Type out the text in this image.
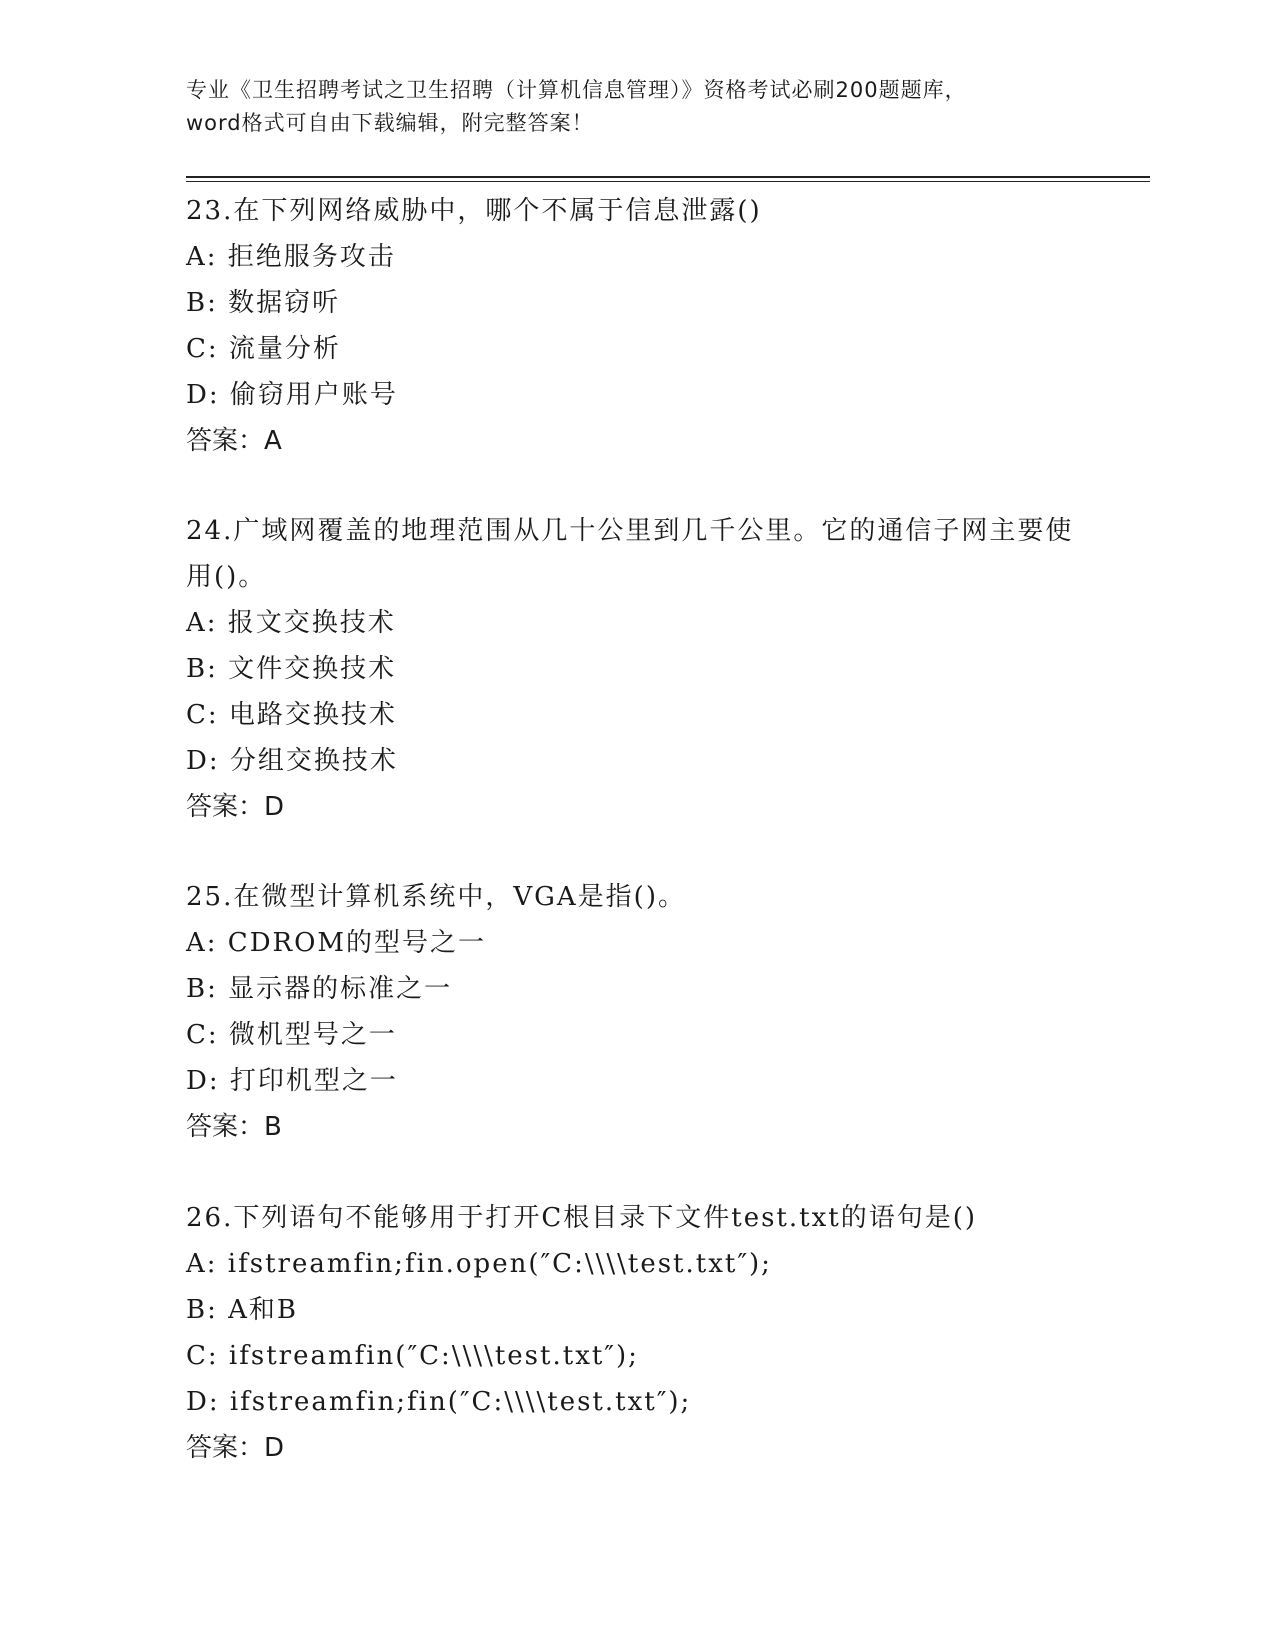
专业《卫生招聘考试之卫生招聘（计算机信息管理）》资格考试必刷200题题库，
word格式可自由下载编辑，附完整答案！

23.在下列网络威胁中，哪个不属于信息泄露()

A: 拒绝服务攻击

B: 数据窃听

C: 流量分析

D: 偷窃用户账号

答案：A

24.广域网覆盖的地理范围从几十公里到几千公里。它的通信子网主要使用()。

A: 报文交换技术

B: 文件交换技术

C: 电路交换技术

D: 分组交换技术

答案：D

25.在微型计算机系统中，VGA是指()。

A: CDROM的型号之一

B: 显示器的标准之一

C: 微机型号之一

D: 打印机型之一

答案：B

26.下列语句不能够用于打开C根目录下文件test.txt的语句是()

A: ifstreamfin;fin.open(″C:\\\\test.txt″);

B: A和B

C: ifstreamfin(″C:\\\\test.txt″);

D: ifstreamfin;fin(″C:\\\\test.txt″);

答案：D
